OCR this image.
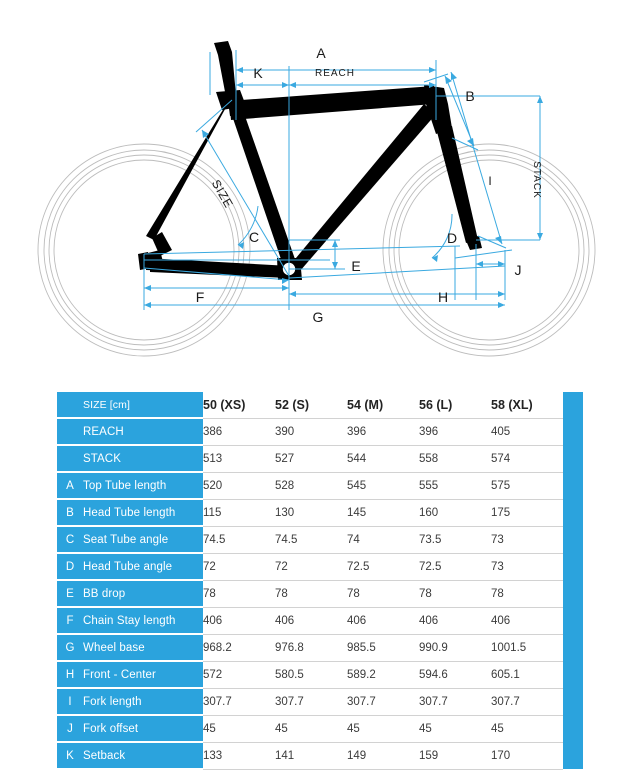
A
K	REACH
B
I
C	D
E	J
F	H
G
STACK
SIZE
	SIZE [cm]	50 (XS)	52 (S)	54 (M)	56 (L)	58 (XL)	
	REACH	386	390	396	396	405	
	STACK	513	527	544	558	574	
A	Top Tube length	520	528	545	555	575	
B	Head Tube length	115	130	145	160	175	
C	Seat Tube angle	74.5	74.5	74	73.5	73	
D	Head Tube angle	72	72	72.5	72.5	73	
E	BB drop	78	78	78	78	78	
F	Chain Stay length	406	406	406	406	406	
G	Wheel base	968.2	976.8	985.5	990.9	1001.5	
H	Front - Center	572	580.5	589.2	594.6	605.1	
I	Fork length	307.7	307.7	307.7	307.7	307.7	
J	Fork offset	45	45	45	45	45	
K	Setback	133	141	149	159	170	
